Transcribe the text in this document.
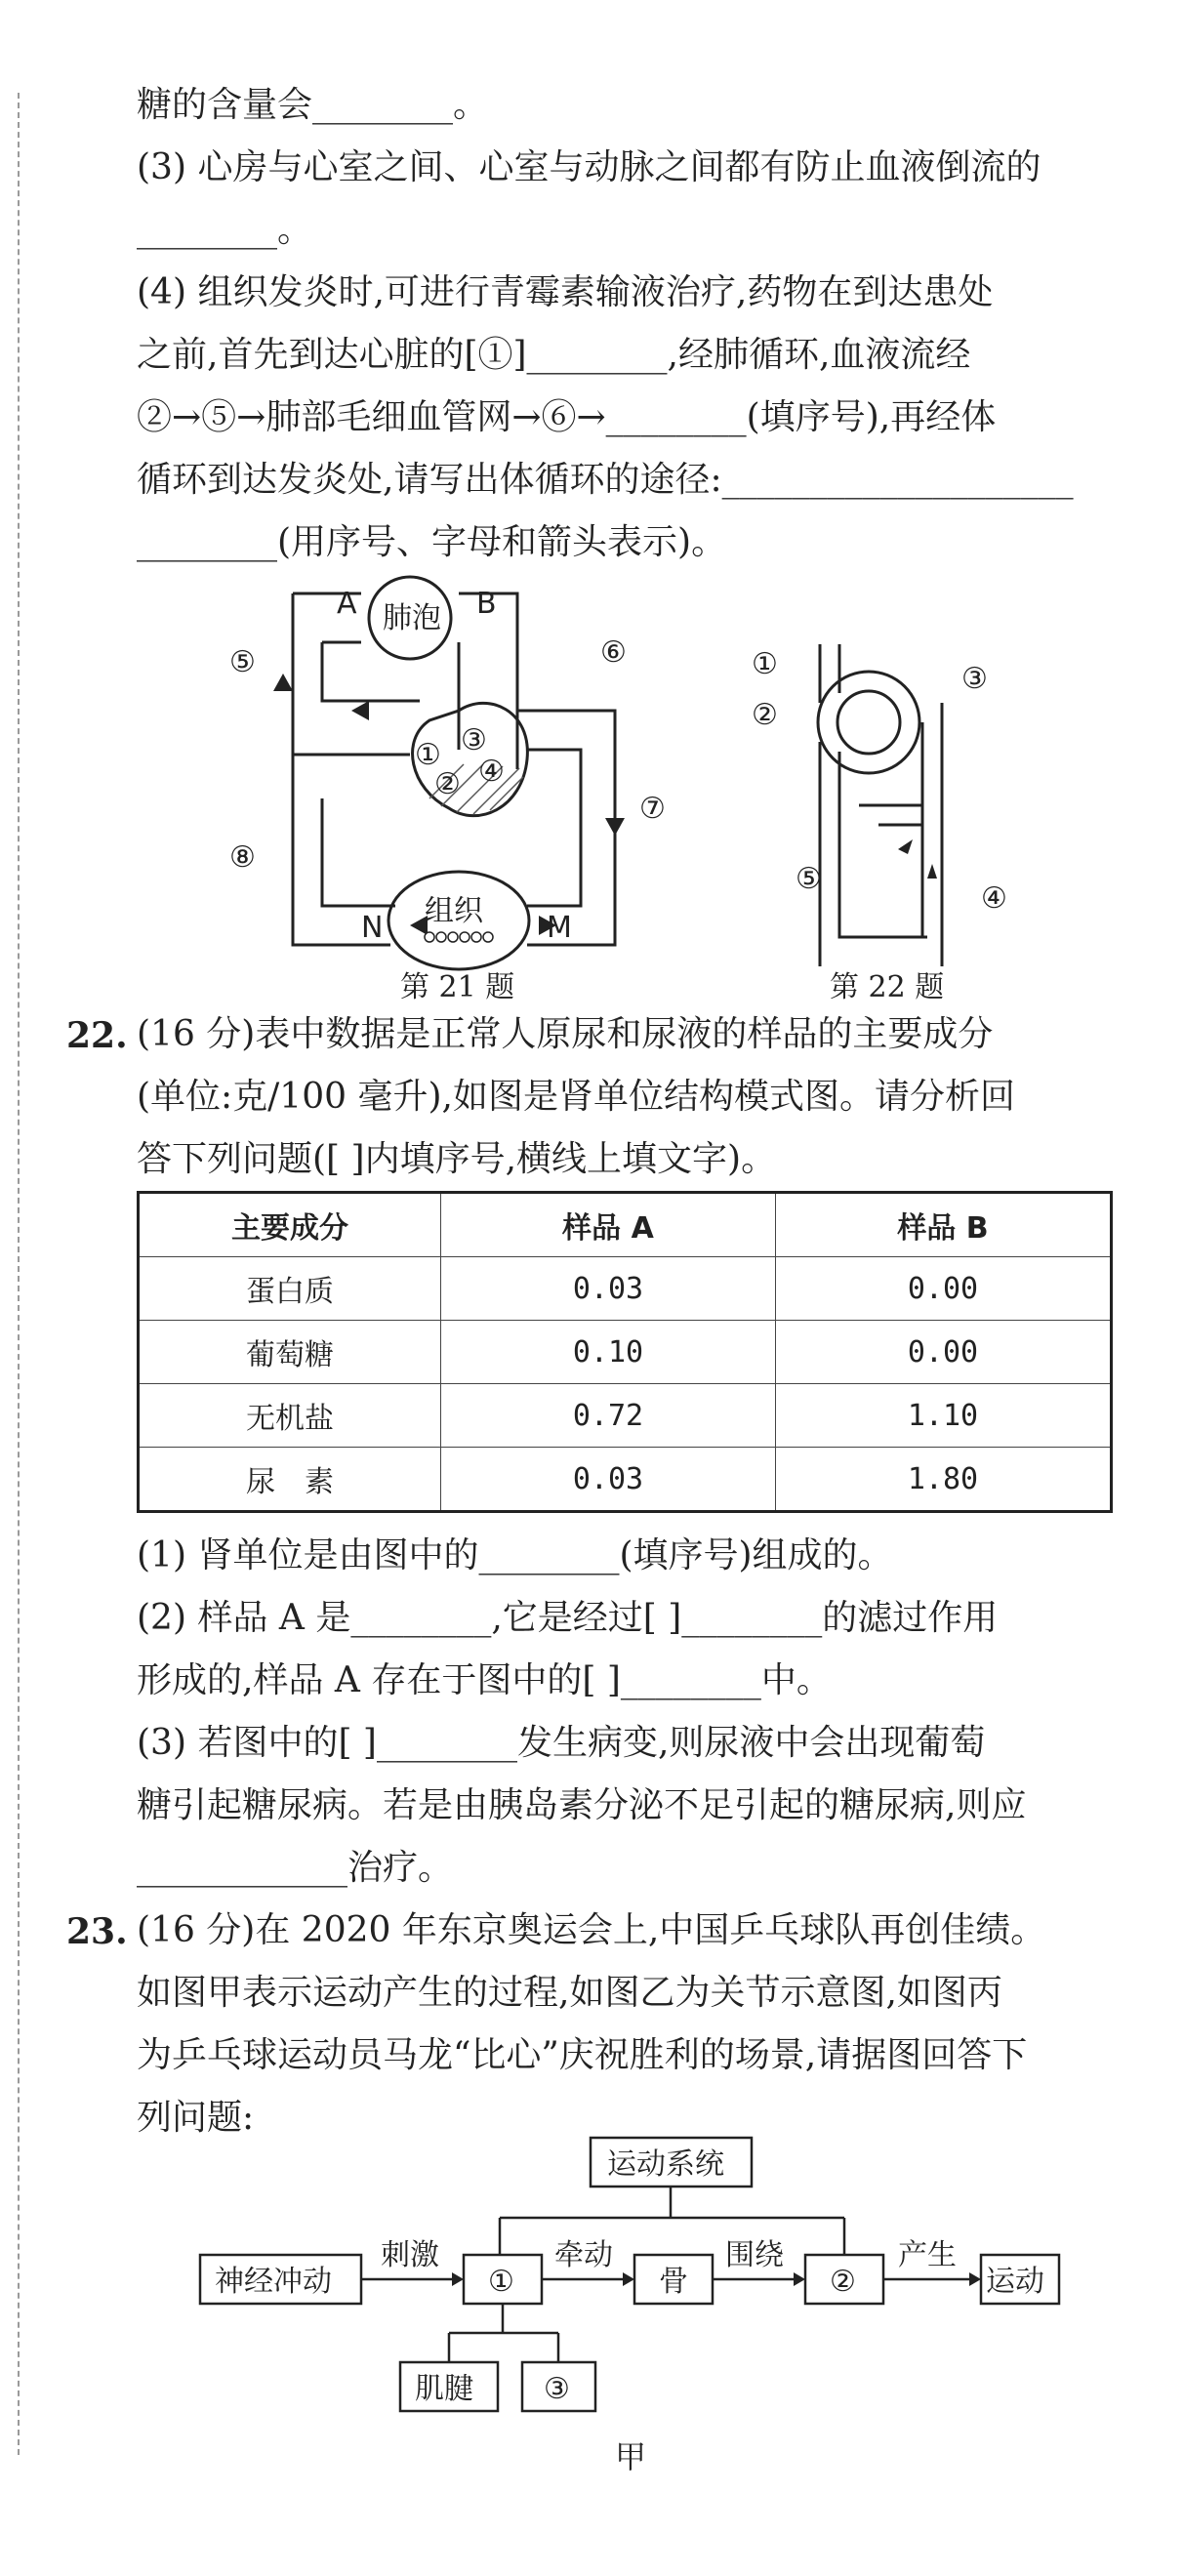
糖的含量会________。
(3) 心房与心室之间、心室与动脉之间都有防止血液倒流的
________。
(4) 组织发炎时,可进行青霉素输液治疗,药物在到达患处
之前,首先到达心脏的[①]________,经肺循环,血液流经
②→⑤→肺部毛细血管网→⑥→________(填序号),再经体
循环到达发炎处,请写出体循环的途径:____________________
________(用序号、字母和箭头表示)。
肺泡
A	B
组织
N	M
①
②
③
④
⑤	⑥
⑦
⑧
第 21 题
①
②
③
⑤
④
第 22 题
22. (16 分)表中数据是正常人原尿和尿液的样品的主要成分
(单位:克/100 毫升),如图是肾单位结构模式图。请分析回
答下列问题([ ]内填序号,横线上填文字)。
主要成分	样品 A	样品 B
蛋白质	0.03	0.00
葡萄糖	0.10	0.00
无机盐	0.72	1.10
尿　素	0.03	1.80
(1) 肾单位是由图中的________(填序号)组成的。
(2) 样品 A 是________,它是经过[ ]________的滤过作用
形成的,样品 A 存在于图中的[ ]________中。
(3) 若图中的[ ]________发生病变,则尿液中会出现葡萄
糖引起糖尿病。若是由胰岛素分泌不足引起的糖尿病,则应
____________治疗。
23. (16 分)在 2020 年东京奥运会上,中国乒乓球队再创佳绩。
如图甲表示运动产生的过程,如图乙为关节示意图,如图丙
为乒乓球运动员马龙“比心”庆祝胜利的场景,请据图回答下
列问题:
运动系统
神经冲动
刺激
①
牵动
骨
围绕
②
产生
运动
肌腱 ③
甲
